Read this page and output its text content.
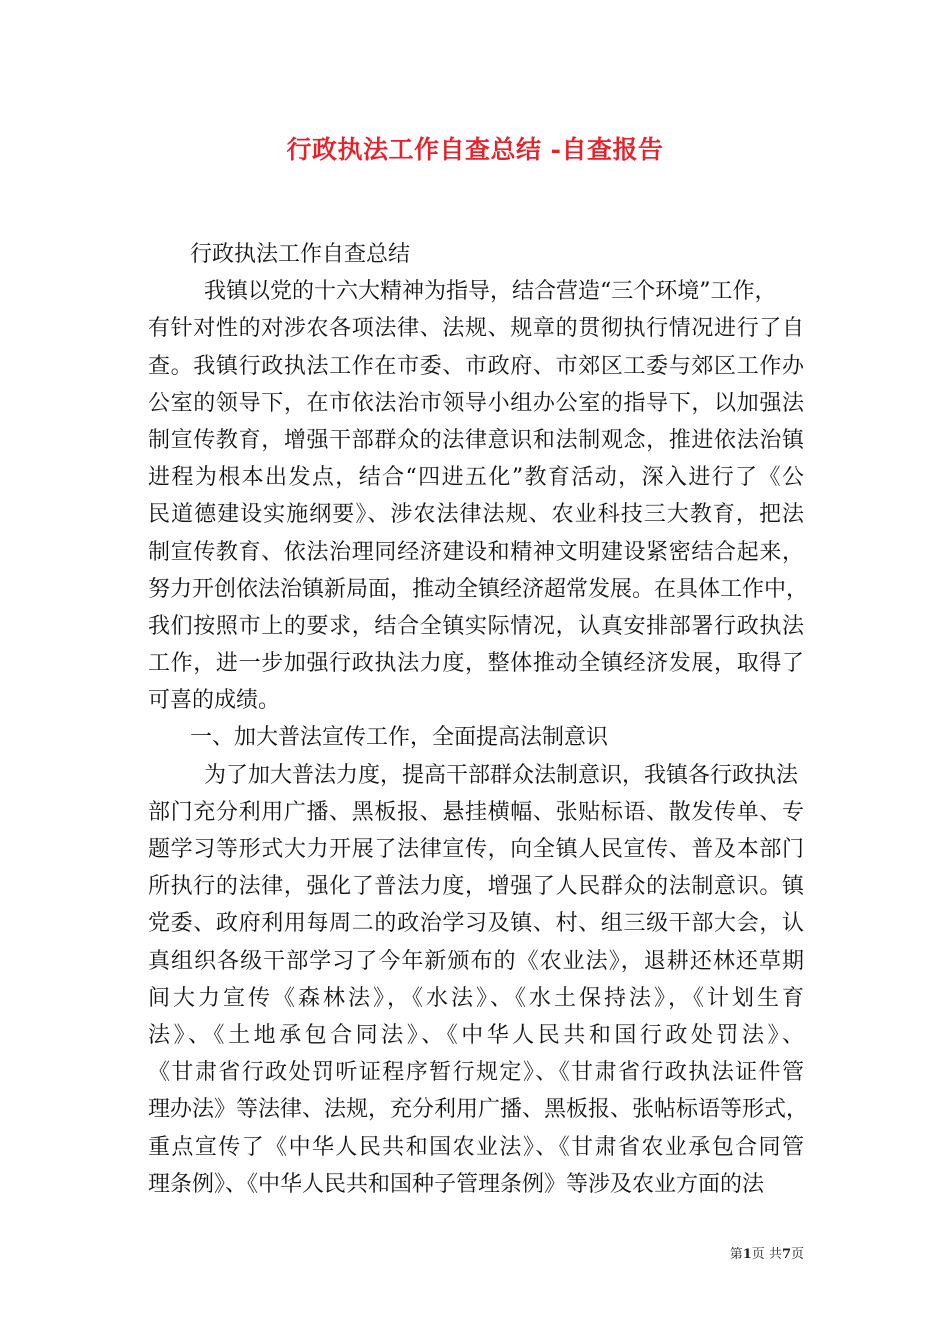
行政执法工作自查总结 -自查报告
行政执法工作自查总结
我镇以党的十六大精神为指导，结合营造“三个环境”工作，
有针对性的对涉农各项法律、法规、规章的贯彻执行情况进行了自
查。我镇行政执法工作在市委、市政府、市郊区工委与郊区工作办
公室的领导下，在市依法治市领导小组办公室的指导下，以加强法
制宣传教育，增强干部群众的法律意识和法制观念，推进依法治镇
进程为根本出发点，结合“四进五化”教育活动，深入进行了《公
民道德建设实施纲要》、涉农法律法规、农业科技三大教育，把法
制宣传教育、依法治理同经济建设和精神文明建设紧密结合起来，
努力开创依法治镇新局面，推动全镇经济超常发展。在具体工作中，
我们按照市上的要求，结合全镇实际情况，认真安排部署行政执法
工作，进一步加强行政执法力度，整体推动全镇经济发展，取得了
可喜的成绩。
一、加大普法宣传工作，全面提高法制意识
为了加大普法力度，提高干部群众法制意识，我镇各行政执法
部门充分利用广播、黑板报、悬挂横幅、张贴标语、散发传单、专
题学习等形式大力开展了法律宣传，向全镇人民宣传、普及本部门
所执行的法律，强化了普法力度，增强了人民群众的法制意识。镇
党委、政府利用每周二的政治学习及镇、村、组三级干部大会，认
真组织各级干部学习了今年新颁布的《农业法》，退耕还林还草期
间大力宣传《森林法》，《水法》、《水土保持法》，《计划生育
法》、《土地承包合同法》、《中华人民共和国行政处罚法》、
《甘肃省行政处罚听证程序暂行规定》、《甘肃省行政执法证件管
理办法》等法律、法规，充分利用广播、黑板报、张帖标语等形式，
重点宣传了《中华人民共和国农业法》、《甘肃省农业承包合同管
理条例》、《中华人民共和国种子管理条例》等涉及农业方面的法
第1页 共7页
